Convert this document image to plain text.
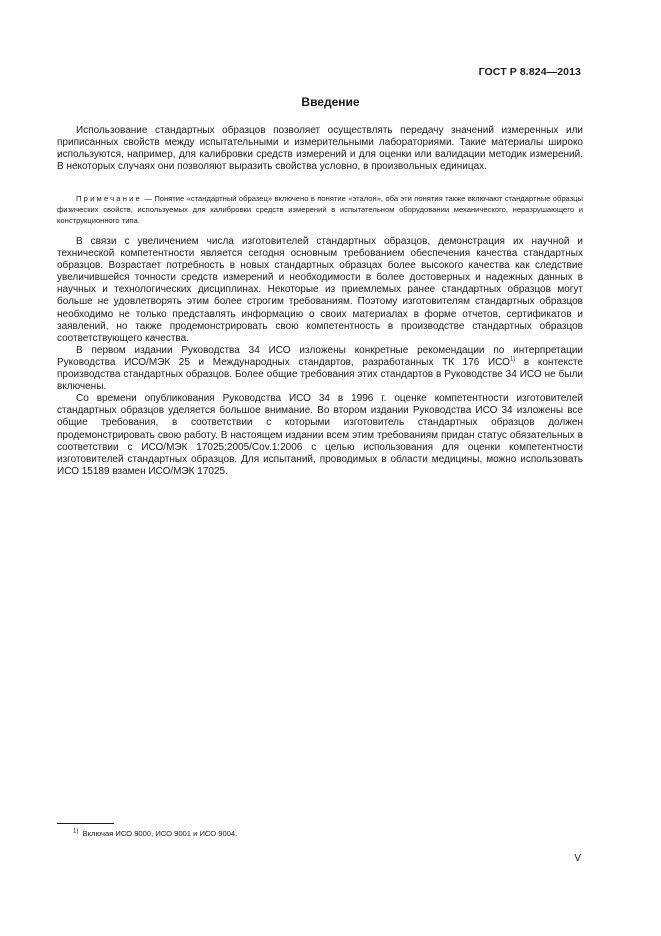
ГОСТ Р 8.824—2013
Введение

Использование стандартных образцов позволяет осуществлять передачу значений измеренных или приписанных свойств между испытательными и измерительными лабораториями. Такие материалы широко используются, например, для калибровки средств измерений и для оценки или валидации методик измерений. В некоторых случаях они позволяют выразить свойства условно, в произвольных единицах.

Примечание — Понятие «стандартный образец» включено в понятие «эталон», оба эти понятия также включают стандартные образцы физических свойств, используемых для калибровки средств измерений в испытательном оборудовании механического, неразрушающего и конструкционного типа.

В связи с увеличением числа изготовителей стандартных образцов, демонстрация их научной и технической компетентности является сегодня основным требованием обеспечения качества стандартных образцов. Возрастает потребность в новых стандартных образцах более высокого качества как следствие увеличившейся точности средств измерений и необходимости в более достоверных и надежных данных в научных и технологических дисциплинах. Некоторые из приемлемых ранее стандартных образцов могут больше не удовлетворять этим более строгим требованиям. Поэтому изготовителям стандартных образцов необходимо не только представлять информацию о своих материалах в форме отчетов, сертификатов и заявлений, но также продемонстрировать свою компетентность в производстве стандартных образцов соответствующего качества.

В первом издании Руководства 34 ИСО изложены конкретные рекомендации по интерпретации Руководства ИСО/МЭК 25 и Международных стандартов, разработанных ТК 176 ИСО$^{1)}$ в контексте производства стандартных образцов. Более общие требования этих стандартов в Руководстве 34 ИСО не были включены.

Со времени опубликования Руководства ИСО 34 в 1996 г. оценке компетентности изготовителей стандартных образцов уделяется большое внимание. Во втором издании Руководства ИСО 34 изложены все общие требования, в соответствии с которыми изготовитель стандартных образцов должен продемонстрировать свою работу. В настоящем издании всем этим требованиям придан статус обязательных в соответствии с ИСО/МЭК 17025:2005/Cov.1:2006 с целью использования для оценки компетентности изготовителей стандартных образцов. Для испытаний, проводимых в области медицины, можно использовать ИСО 15189 взамен ИСО/МЭК 17025.

$^{1)}$ Включая ИСО 9000, ИСО 9001 и ИСО 9004.
V
